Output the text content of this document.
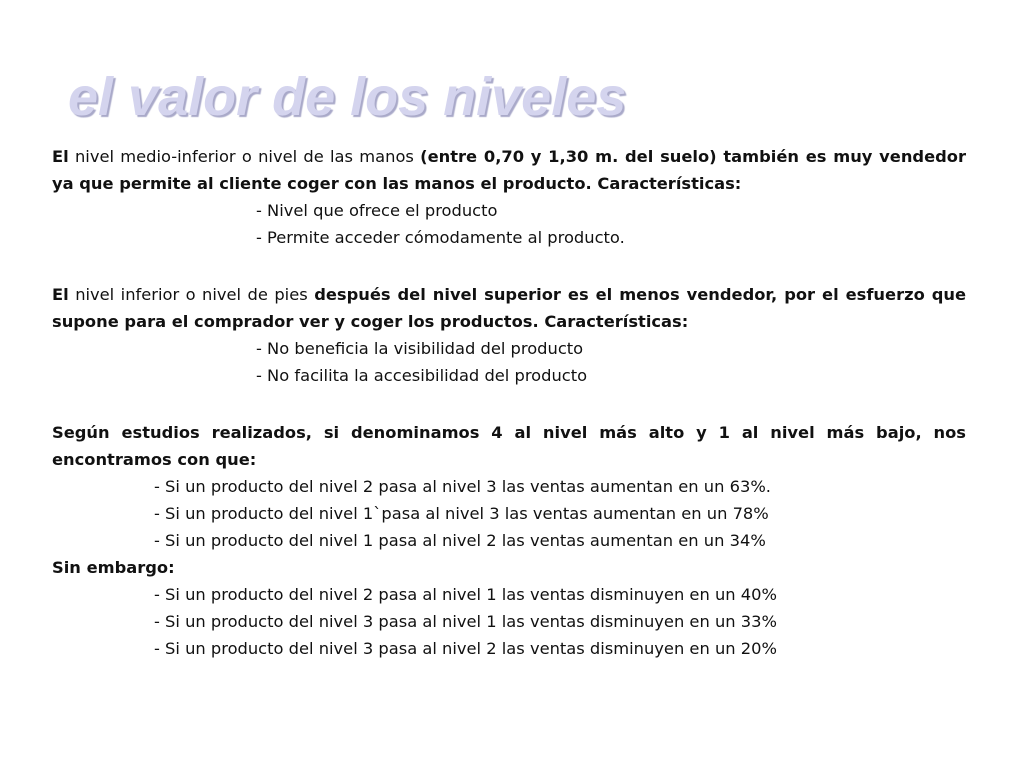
el valor de los niveles

El nivel medio-inferior o nivel de las manos (entre 0,70 y 1,30 m. del suelo) también es muy vendedor ya que permite al cliente coger con las manos el producto. Características:

- Nivel que ofrece el producto

- Permite acceder cómodamente al producto.

El nivel inferior o nivel de pies después del nivel superior es el menos vendedor, por el esfuerzo que supone para el comprador ver y coger los productos. Características:

- No beneficia la visibilidad del producto

- No facilita la accesibilidad del producto

Según estudios realizados, si denominamos 4 al nivel más alto y 1 al nivel más bajo, nos encontramos con que:

- Si un producto del nivel 2 pasa al nivel 3 las ventas aumentan en un 63%.

- Si un producto del nivel 1`pasa al nivel 3 las ventas aumentan en un 78%

- Si un producto del nivel 1 pasa al nivel 2 las ventas aumentan en un 34%

Sin embargo:

- Si un producto del nivel 2 pasa al nivel 1 las ventas disminuyen en un 40%

- Si un producto del nivel 3 pasa al nivel 1 las ventas disminuyen en un 33%

- Si un producto del nivel 3 pasa al nivel 2 las ventas disminuyen en un 20%
